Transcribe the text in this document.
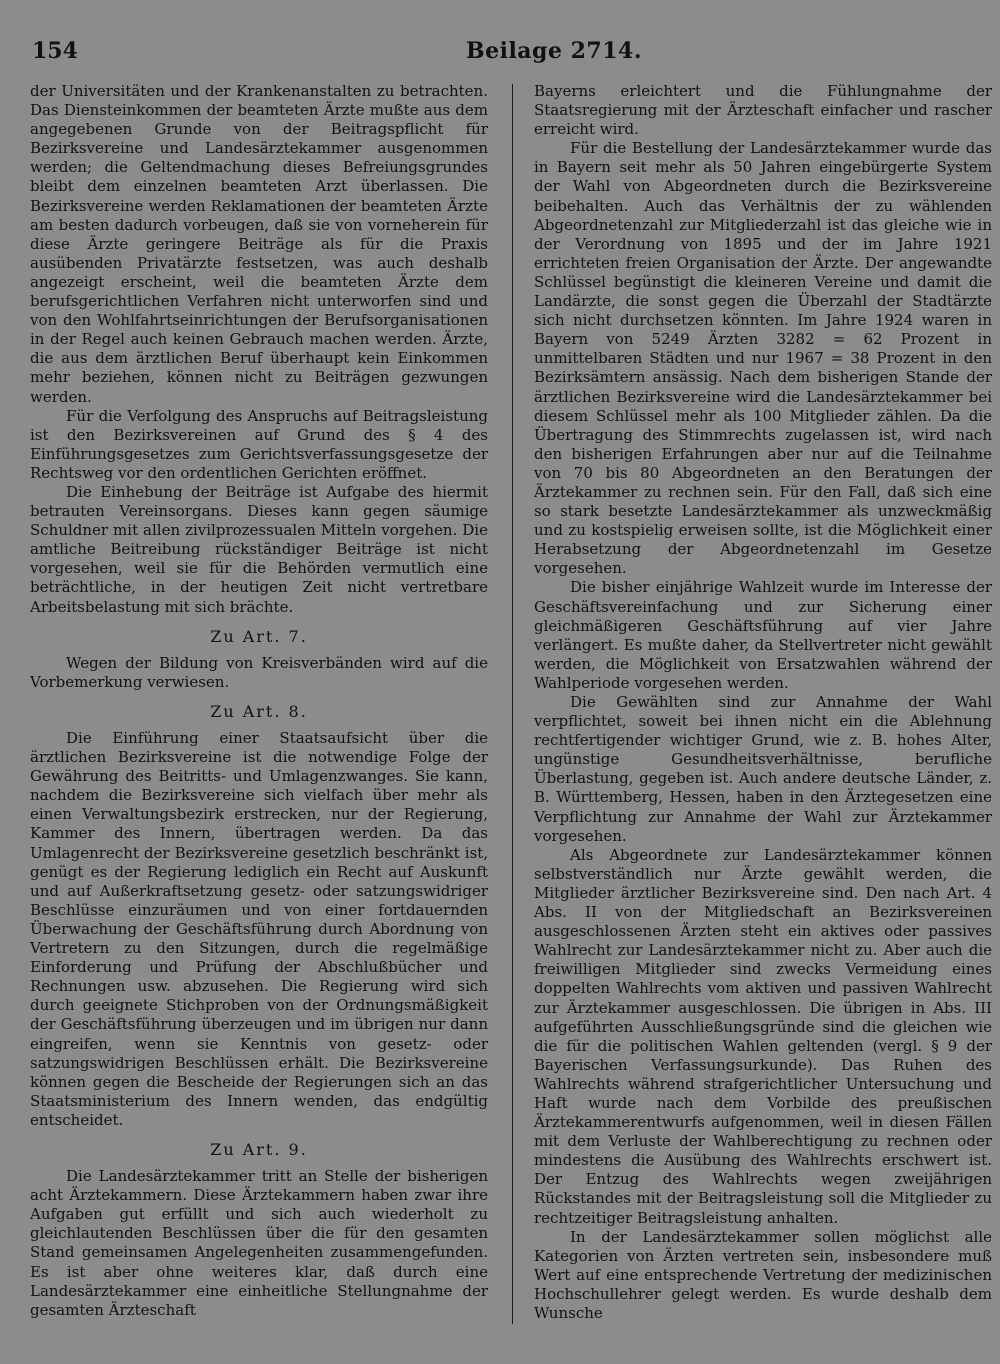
154	Beilage 2714.

der Universitäten und der Krankenanstalten zu betrachten. Das Diensteinkommen der beamteten Ärzte mußte aus dem angegebenen Grunde von der Beitragspflicht für Bezirksvereine und Landesärztekammer ausgenommen werden; die Geltendmachung dieses Befreiungsgrundes bleibt dem einzelnen beamteten Arzt überlassen. Die Bezirksvereine werden Reklamationen der beamteten Ärzte am besten dadurch vorbeugen, daß sie von vorneherein für diese Ärzte geringere Beiträge als für die Praxis ausübenden Privatärzte festsetzen, was auch deshalb angezeigt erscheint, weil die beamteten Ärzte dem berufsgerichtlichen Verfahren nicht unterworfen sind und von den Wohlfahrtseinrichtungen der Berufsorganisationen in der Regel auch keinen Gebrauch machen werden. Ärzte, die aus dem ärztlichen Beruf überhaupt kein Einkommen mehr beziehen, können nicht zu Beiträgen gezwungen werden.

Für die Verfolgung des Anspruchs auf Beitragsleistung ist den Bezirksvereinen auf Grund des § 4 des Einführungsgesetzes zum Gerichtsverfassungsgesetze der Rechtsweg vor den ordentlichen Gerichten eröffnet.

Die Einhebung der Beiträge ist Aufgabe des hiermit betrauten Vereinsorgans. Dieses kann gegen säumige Schuldner mit allen zivilprozessualen Mitteln vorgehen. Die amtliche Beitreibung rückständiger Beiträge ist nicht vorgesehen, weil sie für die Behörden vermutlich eine beträchtliche, in der heutigen Zeit nicht vertretbare Arbeitsbelastung mit sich brächte.

Zu Art. 7.

Wegen der Bildung von Kreisverbänden wird auf die Vorbemerkung verwiesen.

Zu Art. 8.

Die Einführung einer Staatsaufsicht über die ärztlichen Bezirksvereine ist die notwendige Folge der Gewährung des Beitritts- und Umlagenzwanges. Sie kann, nachdem die Bezirksvereine sich vielfach über mehr als einen Verwaltungsbezirk erstrecken, nur der Regierung, Kammer des Innern, übertragen werden. Da das Umlagenrecht der Bezirksvereine gesetzlich beschränkt ist, genügt es der Regierung lediglich ein Recht auf Auskunft und auf Außerkraftsetzung gesetz- oder satzungswidriger Beschlüsse einzuräumen und von einer fortdauernden Überwachung der Geschäftsführung durch Abordnung von Vertretern zu den Sitzungen, durch die regelmäßige Einforderung und Prüfung der Abschlußbücher und Rechnungen usw. abzusehen. Die Regierung wird sich durch geeignete Stichproben von der Ordnungsmäßigkeit der Geschäftsführung überzeugen und im übrigen nur dann eingreifen, wenn sie Kenntnis von gesetz- oder satzungswidrigen Beschlüssen erhält. Die Bezirksvereine können gegen die Bescheide der Regierungen sich an das Staatsministerium des Innern wenden, das endgültig entscheidet.

Zu Art. 9.

Die Landesärztekammer tritt an Stelle der bisherigen acht Ärztekammern. Diese Ärztekammern haben zwar ihre Aufgaben gut erfüllt und sich auch wiederholt zu gleichlautenden Beschlüssen über die für den gesamten Stand gemeinsamen Angelegenheiten zusammengefunden. Es ist aber ohne weiteres klar, daß durch eine Landesärztekammer eine einheitliche Stellungnahme der gesamten Ärzteschaft

Bayerns erleichtert und die Fühlungnahme der Staatsregierung mit der Ärzteschaft einfacher und rascher erreicht wird.

Für die Bestellung der Landesärztekammer wurde das in Bayern seit mehr als 50 Jahren eingebürgerte System der Wahl von Abgeordneten durch die Bezirksvereine beibehalten. Auch das Verhältnis der zu wählenden Abgeordnetenzahl zur Mitgliederzahl ist das gleiche wie in der Verordnung von 1895 und der im Jahre 1921 errichteten freien Organisation der Ärzte. Der angewandte Schlüssel begünstigt die kleineren Vereine und damit die Landärzte, die sonst gegen die Überzahl der Stadtärzte sich nicht durchsetzen könnten. Im Jahre 1924 waren in Bayern von 5249 Ärzten 3282 = 62 Prozent in unmittelbaren Städten und nur 1967 = 38 Prozent in den Bezirksämtern ansässig. Nach dem bisherigen Stande der ärztlichen Bezirksvereine wird die Landesärztekammer bei diesem Schlüssel mehr als 100 Mitglieder zählen. Da die Übertragung des Stimmrechts zugelassen ist, wird nach den bisherigen Erfahrungen aber nur auf die Teilnahme von 70 bis 80 Abgeordneten an den Beratungen der Ärztekammer zu rechnen sein. Für den Fall, daß sich eine so stark besetzte Landesärztekammer als unzweckmäßig und zu kostspielig erweisen sollte, ist die Möglichkeit einer Herabsetzung der Abgeordnetenzahl im Gesetze vorgesehen.

Die bisher einjährige Wahlzeit wurde im Interesse der Geschäftsvereinfachung und zur Sicherung einer gleichmäßigeren Geschäftsführung auf vier Jahre verlängert. Es mußte daher, da Stellvertreter nicht gewählt werden, die Möglichkeit von Ersatzwahlen während der Wahlperiode vorgesehen werden.

Die Gewählten sind zur Annahme der Wahl verpflichtet, soweit bei ihnen nicht ein die Ablehnung rechtfertigender wichtiger Grund, wie z. B. hohes Alter, ungünstige Gesundheitsverhältnisse, berufliche Überlastung, gegeben ist. Auch andere deutsche Länder, z. B. Württemberg, Hessen, haben in den Ärztegesetzen eine Verpflichtung zur Annahme der Wahl zur Ärztekammer vorgesehen.

Als Abgeordnete zur Landesärztekammer können selbstverständlich nur Ärzte gewählt werden, die Mitglieder ärztlicher Bezirksvereine sind. Den nach Art. 4 Abs. II von der Mitgliedschaft an Bezirksvereinen ausgeschlossenen Ärzten steht ein aktives oder passives Wahlrecht zur Landesärztekammer nicht zu. Aber auch die freiwilligen Mitglieder sind zwecks Vermeidung eines doppelten Wahlrechts vom aktiven und passiven Wahlrecht zur Ärztekammer ausgeschlossen. Die übrigen in Abs. III aufgeführten Ausschließungsgründe sind die gleichen wie die für die politischen Wahlen geltenden (vergl. § 9 der Bayerischen Verfassungsurkunde). Das Ruhen des Wahlrechts während strafgerichtlicher Untersuchung und Haft wurde nach dem Vorbilde des preußischen Ärztekammerentwurfs aufgenommen, weil in diesen Fällen mit dem Verluste der Wahlberechtigung zu rechnen oder mindestens die Ausübung des Wahlrechts erschwert ist. Der Entzug des Wahlrechts wegen zweijährigen Rückstandes mit der Beitragsleistung soll die Mitglieder zu rechtzeitiger Beitragsleistung anhalten.

In der Landesärztekammer sollen möglichst alle Kategorien von Ärzten vertreten sein, insbesondere muß Wert auf eine entsprechende Vertretung der medizinischen Hochschullehrer gelegt werden. Es wurde deshalb dem Wunsche
